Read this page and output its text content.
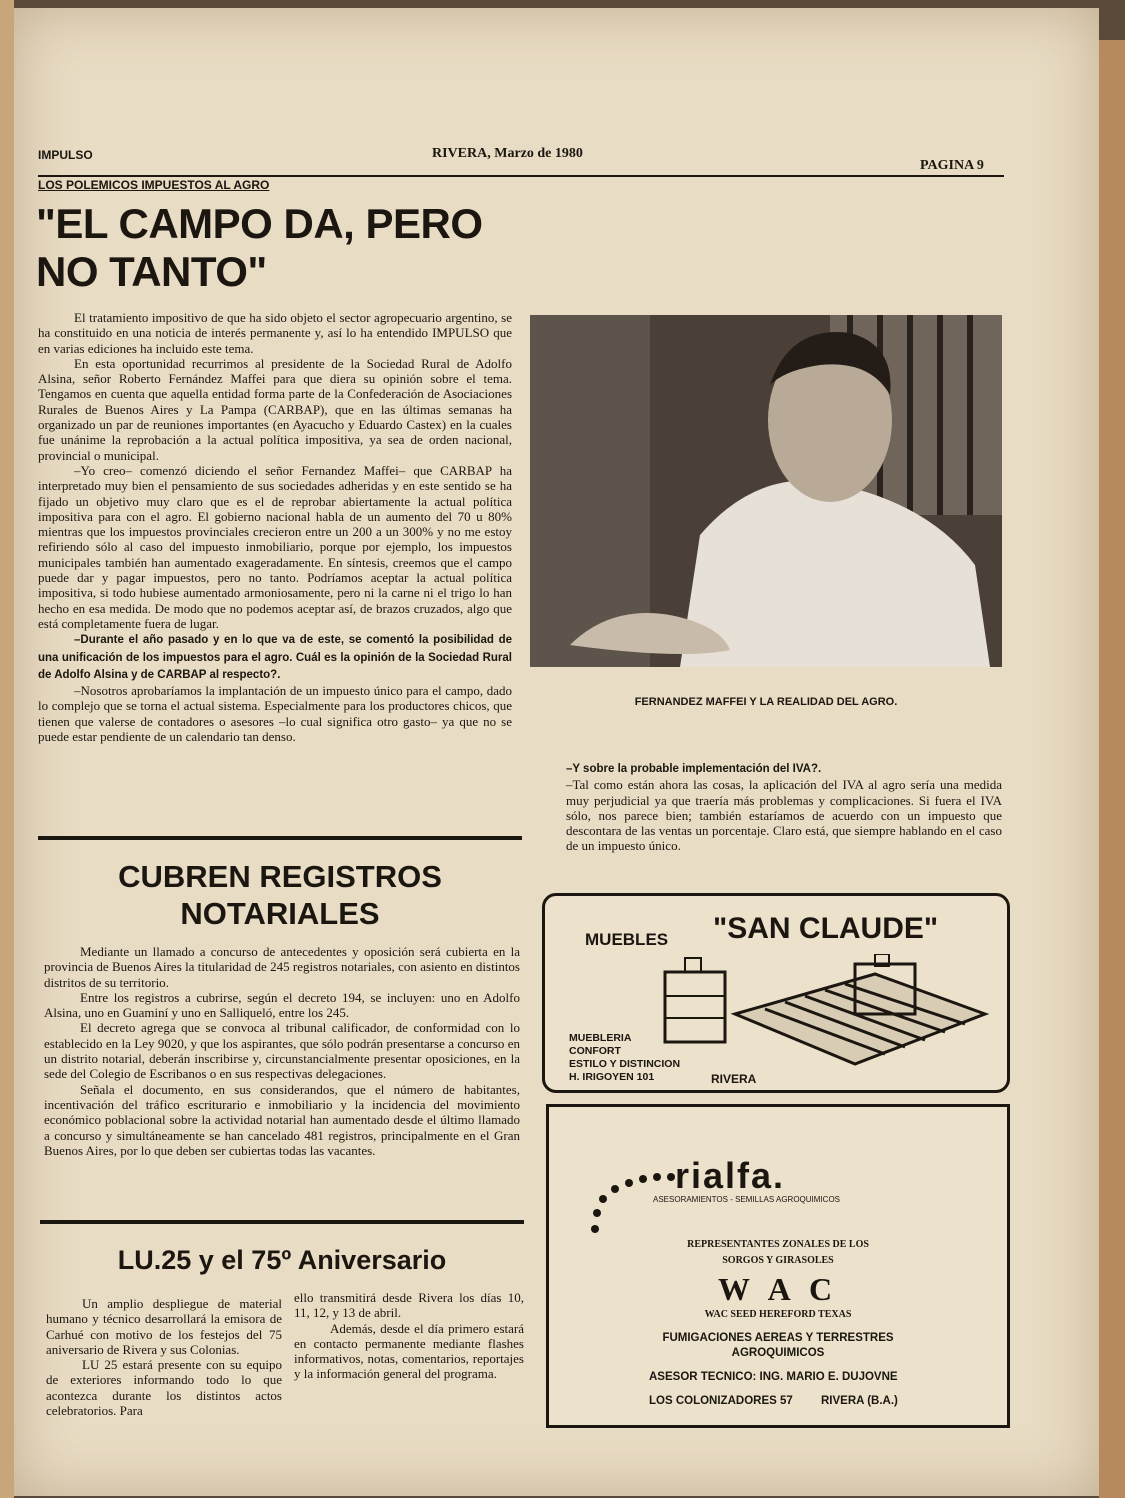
IMPULSO	RIVERA, Marzo de 1980
PAGINA 9
LOS POLEMICOS IMPUESTOS AL AGRO
"EL CAMPO DA, PERO NO TANTO"

El tratamiento impositivo de que ha sido objeto el sector agropecuario argentino, se ha constituido en una noticia de interés permanente y, así lo ha entendido IMPULSO que en varias ediciones ha incluido este tema.

En esta oportunidad recurrimos al presidente de la Sociedad Rural de Adolfo Alsina, señor Roberto Fernández Maffei para que diera su opinión sobre el tema. Tengamos en cuenta que aquella entidad forma parte de la Confederación de Asociaciones Rurales de Buenos Aires y La Pampa (CARBAP), que en las últimas semanas ha organizado un par de reuniones importantes (en Ayacucho y Eduardo Castex) en la cuales fue unánime la reprobación a la actual política impositiva, ya sea de orden nacional, provincial o municipal.

–Yo creo– comenzó diciendo el señor Fernandez Maffei– que CARBAP ha interpretado muy bien el pensamiento de sus sociedades adheridas y en este sentido se ha fijado un objetivo muy claro que es el de reprobar abiertamente la actual política impositiva para con el agro. El gobierno nacional habla de un aumento del 70 u 80% mientras que los impuestos provinciales crecieron entre un 200 a un 300% y no me estoy refiriendo sólo al caso del impuesto inmobiliario, porque por ejemplo, los impuestos municipales también han aumentado exageradamente. En síntesis, creemos que el campo puede dar y pagar impuestos, pero no tanto. Podríamos aceptar la actual política impositiva, si todo hubiese aumentado armoniosamente, pero ni la carne ni el trigo lo han hecho en esa medida. De modo que no podemos aceptar así, de brazos cruzados, algo que está completamente fuera de lugar.

–Durante el año pasado y en lo que va de este, se comentó la posibilidad de una unificación de los impuestos para el agro. Cuál es la opinión de la Sociedad Rural de Adolfo Alsina y de CARBAP al respecto?.

–Nosotros aprobaríamos la implantación de un impuesto único para el campo, dado lo complejo que se torna el actual sistema. Especialmente para los productores chicos, que tienen que valerse de contadores o asesores –lo cual significa otro gasto– ya que no se puede estar pendiente de un calendario tan denso.

FERNANDEZ MAFFEI Y LA REALIDAD DEL AGRO.

–Y sobre la probable implementación del IVA?.

–Tal como están ahora las cosas, la aplicación del IVA al agro sería una medida muy perjudicial ya que traería más problemas y complicaciones. Si fuera el IVA sólo, nos parece bien; también estaríamos de acuerdo con un impuesto que descontara de las ventas un porcentaje. Claro está, que siempre hablando en el caso de un impuesto único.

CUBREN REGISTROS
NOTARIALES

Mediante un llamado a concurso de antecedentes y oposición será cubierta en la provincia de Buenos Aires la titularidad de 245 registros notariales, con asiento en distintos distritos de su territorio.

Entre los registros a cubrirse, según el decreto 194, se incluyen: uno en Adolfo Alsina, uno en Guaminí y uno en Salliqueló, entre los 245.

El decreto agrega que se convoca al tribunal calificador, de conformidad con lo establecido en la Ley 9020, y que los aspirantes, que sólo podrán presentarse a concurso en un distrito notarial, deberán inscribirse y, circunstancialmente presentar oposiciones, en la sede del Colegio de Escribanos o en sus respectivas delegaciones.

Señala el documento, en sus considerandos, que el número de habitantes, incentivación del tráfico escriturario e inmobiliario y la incidencia del movimiento económico poblacional sobre la actividad notarial han aumentado desde el último llamado a concurso y simultáneamente se han cancelado 481 registros, principalmente en el Gran Buenos Aires, por lo que deben ser cubiertas todas las vacantes.

LU.25 y el 75º Aniversario

Un amplio despliegue de material humano y técnico desarrollará la emisora de Carhué con motivo de los festejos del 75 aniversario de Rivera y sus Colonias.

LU 25 estará presente con su equipo de exteriores informando todo lo que acontezca durante los distintos actos celebratorios. Para

ello transmitirá desde Rivera los días 10, 11, 12, y 13 de abril.

Además, desde el día primero estará en contacto permanente mediante flashes informativos, notas, comentarios, reportajes y la información general del programa.

MUEBLES "SAN CLAUDE"
MUEBLERIA
CONFORT
ESTILO Y DISTINCION
H. IRIGOYEN 101	RIVERA
rialfa.
ASESORAMIENTOS - SEMILLAS AGROQUIMICOS
REPRESENTANTES ZONALES DE LOS
SORGOS Y GIRASOLES
W A C
WAC SEED HEREFORD TEXAS
FUMIGACIONES AEREAS Y TERRESTRES
AGROQUIMICOS
ASESOR TECNICO: ING. MARIO E. DUJOVNE
LOS COLONIZADORES 57 RIVERA (B.A.)
